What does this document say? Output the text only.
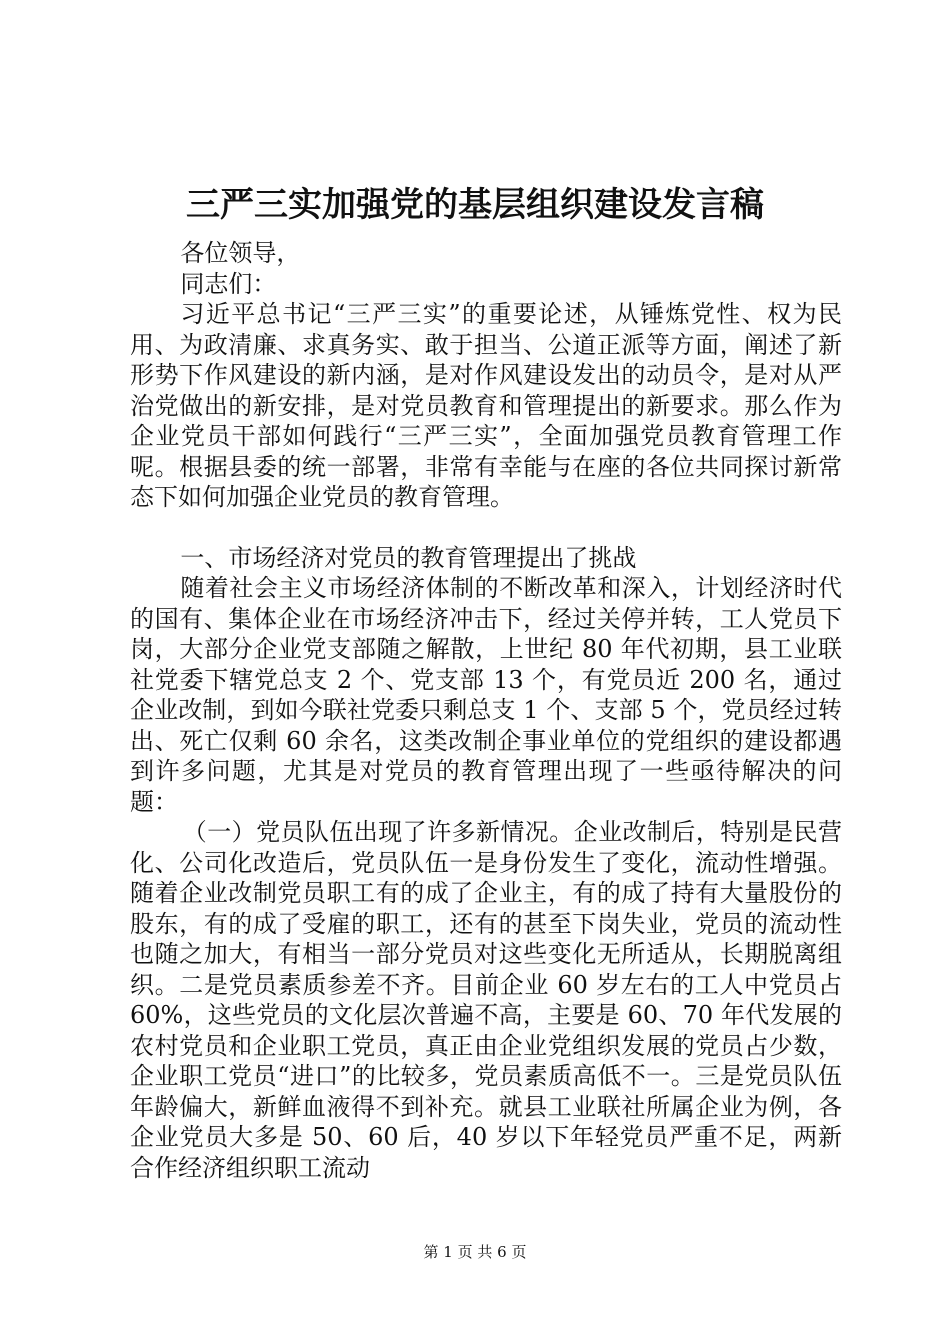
三严三实加强党的基层组织建设发言稿

各位领导，

同志们：

习近平总书记“三严三实”的重要论述，从锤炼党性、权为民用、为政清廉、求真务实、敢于担当、公道正派等方面，阐述了新形势下作风建设的新内涵，是对作风建设发出的动员令，是对从严治党做出的新安排，是对党员教育和管理提出的新要求。那么作为企业党员干部如何践行“三严三实”，全面加强党员教育管理工作呢。根据县委的统一部署，非常有幸能与在座的各位共同探讨新常态下如何加强企业党员的教育管理。

一、市场经济对党员的教育管理提出了挑战

随着社会主义市场经济体制的不断改革和深入，计划经济时代的国有、集体企业在市场经济冲击下，经过关停并转，工人党员下岗，大部分企业党支部随之解散，上世纪 80 年代初期，县工业联社党委下辖党总支 2 个、党支部 13 个，有党员近 200 名，通过企业改制，到如今联社党委只剩总支 1 个、支部 5 个，党员经过转出、死亡仅剩 60 余名，这类改制企事业单位的党组织的建设都遇到许多问题，尤其是对党员的教育管理出现了一些亟待解决的问题：

（一）党员队伍出现了许多新情况。企业改制后，特别是民营化、公司化改造后，党员队伍一是身份发生了变化，流动性增强。随着企业改制党员职工有的成了企业主，有的成了持有大量股份的股东，有的成了受雇的职工，还有的甚至下岗失业，党员的流动性也随之加大，有相当一部分党员对这些变化无所适从，长期脱离组织。二是党员素质参差不齐。目前企业 60 岁左右的工人中党员占 60%，这些党员的文化层次普遍不高，主要是 60、70 年代发展的农村党员和企业职工党员，真正由企业党组织发展的党员占少数，企业职工党员“进口”的比较多，党员素质高低不一。三是党员队伍年龄偏大，新鲜血液得不到补充。就县工业联社所属企业为例，各企业党员大多是 50、60 后，40 岁以下年轻党员严重不足，两新合作经济组织职工流动

第 1 页 共 6 页
